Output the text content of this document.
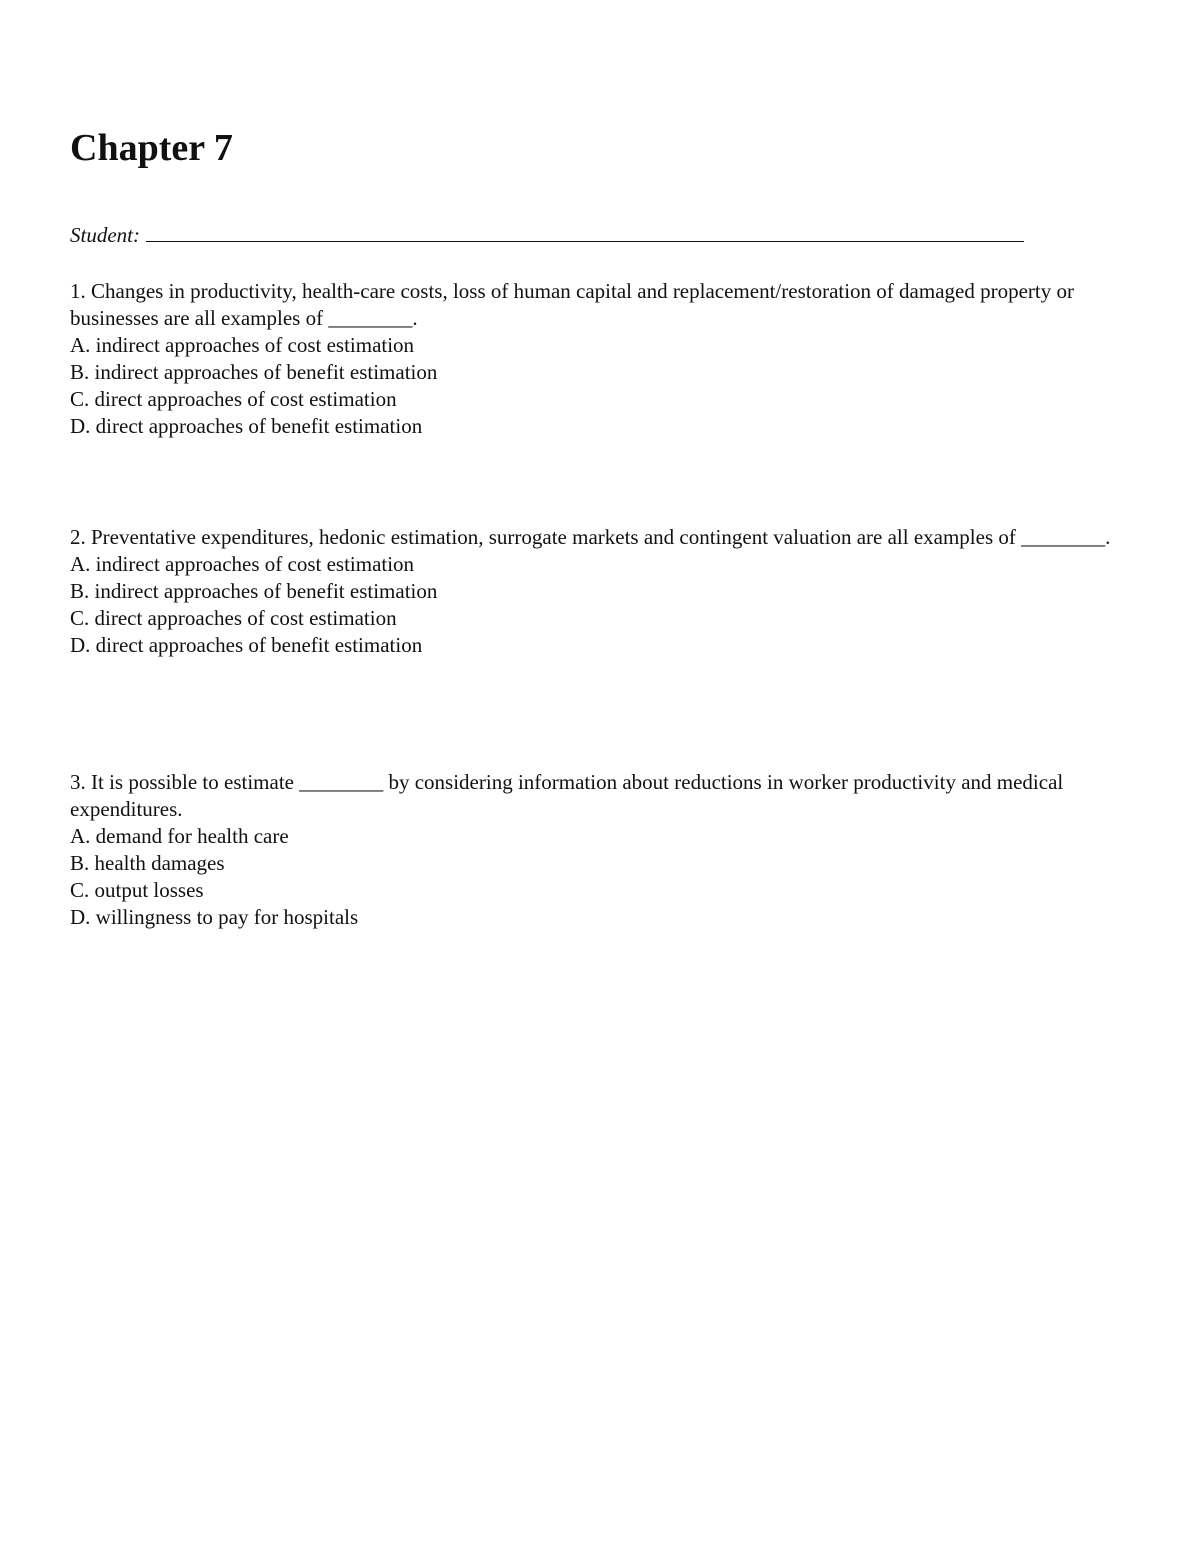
Chapter 7
Student:

1. Changes in productivity, health-care costs, loss of human capital and replacement/restoration of damaged property or businesses are all examples of ________.

A. indirect approaches of cost estimation
B. indirect approaches of benefit estimation
C. direct approaches of cost estimation
D. direct approaches of benefit estimation

2. Preventative expenditures, hedonic estimation, surrogate markets and contingent valuation are all examples of ________.

A. indirect approaches of cost estimation
B. indirect approaches of benefit estimation
C. direct approaches of cost estimation
D. direct approaches of benefit estimation

3. It is possible to estimate ________ by considering information about reductions in worker productivity and medical expenditures.

A. demand for health care
B. health damages
C. output losses
D. willingness to pay for hospitals
